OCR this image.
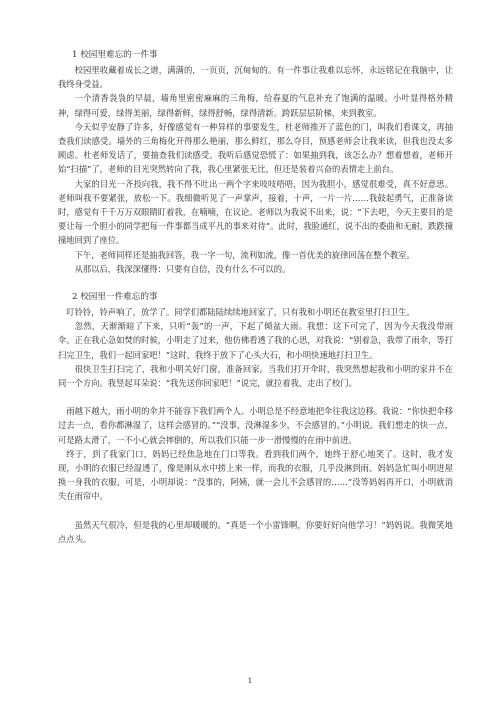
1 校园里难忘的一件事

校园里收藏着成长之谱，满满的，一页页，沉甸甸的。有一件事让我难以忘怀，永远铭记在我脑中，让我终身受益。

一个清香袅袅的早晨，墙角里密密麻麻的三角梅，给春夏的气息补充了饱满的温暖。小叶显得格外精神，绿得可爱，绿得美丽，绿得新鲜，绿得舒畅，绿得清新。跨跃层层阶梯，来到教室。

今天似乎安静了许多，好像感觉有一种异样的事要发生，杜老师推开了蓝色的门，叫我们看课文，再抽查我们读感受。墙外的三角梅化开得那么艳丽，那么鲜红，那么夺目，预感老师会让我来读，但我也没太多顾虑。杜老师发话了，要抽查我们读感受。我听后感觉恐慌了：如果抽到我，该怎么办？想着想着，老师开始“扫描”了，老师的目光突然转向了我，我心里紧张无比，但还是装着兴奋的表情走上前台。

大家的目光一齐投向我，我不得不吐出一两个字来吱吱唔唔，因为我胆小，感觉很难受，真不好意思。老师叫我不要紧张，放松一下。我细微听见了一声掌声，接着，十声，一片一片……我鼓起勇气，正准备读时，感觉有千千万万双眼睛盯着我，在喃喃，在议论。老师以为我说不出来，说：“下去吧，今天主要目的是要让每一个胆小的同学把每一件事都当成平凡的事来对待”。此时，我脸通红，说不出的委曲和无耐，跌跌撞撞地回到了座位。

下午，老师同样还是抽我回答，我一字一句，流利如流，像一首优美的旋律回荡在整个教室。

从那以后，我深深懂得：只要有自信，没有什么不可以的。

2 校园里一件难忘的事

叮铃铃，铃声响了，放学了。同学们都陆陆续续地回家了，只有我和小明还在教室里打扫卫生。

忽然，天渐渐暗了下来，只听“轰”的一声，下起了倾盆大雨。我想：这下可完了，因为今天我没带雨伞。正在我心急如焚的时候，小明走了过来，他仿佛看透了我的心思，对我说：“别着急，我带了雨伞，等打扫完卫生，我们一起回家吧！”这时，我终于放下了心头大石，和小明快速地打扫卫生。

很快卫生打扫完了，我和小明关好门窗，准备回家。当我们打开伞时，我突然想起我和小明的家并不在同一个方向。我竖起耳朵说：“我先送你回家吧！”说完，就拉着我，走出了校门。

雨越下越大，雨小明的伞并不能容下我们两个人。小明总是不经意地把伞往我这边移。我说：“你快把伞移过去一点，看你都淋湿了，这样会感冒的。”“没事，没淋湿多少，不会感冒的。”小明说。我们想走的快一点，可是路太滑了，一不小心就会摔倒的，所以我们只能一步一滑慢慢的在雨中前进。

终于，到了我家门口，妈妈已经焦急地在门口等我。看到我们两个，她终于舒心地笑了。这时，我才发现，小明的衣服已经湿透了，像是刚从水中捞上来一样，而我的衣服，几乎没淋到雨。妈妈急忙叫小明进屋换一身我的衣服，可是，小明却说：“没事的，阿姨，就一会儿不会感冒的……”没等妈妈再开口，小明就消失在雨帘中。

虽然天气很冷，但是我的心里却暖暖的。“真是一个小雷锋啊，你要好好向他学习！”妈妈说。我微笑地点点头。

1
